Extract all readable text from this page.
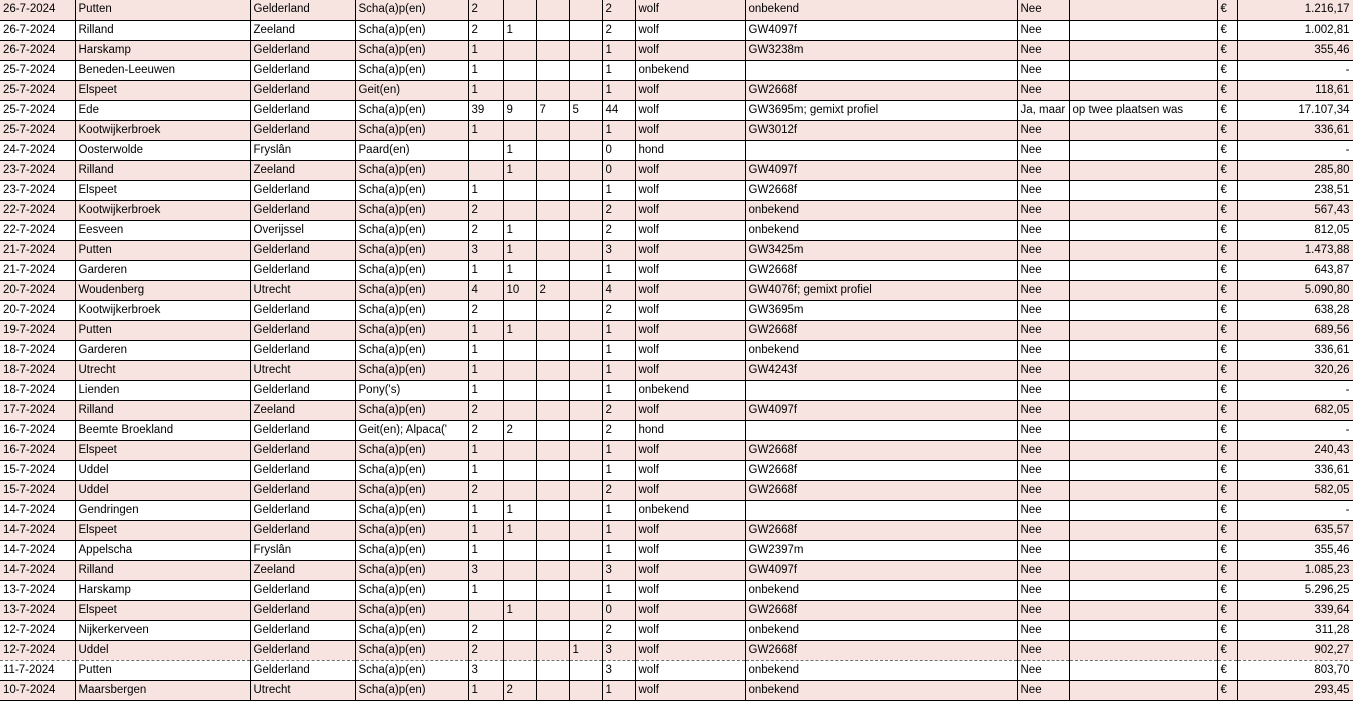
26-7-2024	Putten	Gelderland	Scha(a)p(en)	2				2	wolf	onbekend	Nee		€	1.216,17
26-7-2024	Rilland	Zeeland	Scha(a)p(en)	2	1			2	wolf	GW4097f	Nee		€	1.002,81
26-7-2024	Harskamp	Gelderland	Scha(a)p(en)	1				1	wolf	GW3238m	Nee		€	355,46
25-7-2024	Beneden-Leeuwen	Gelderland	Scha(a)p(en)	1				1	onbekend		Nee		€	-
25-7-2024	Elspeet	Gelderland	Geit(en)	1				1	wolf	GW2668f	Nee		€	118,61
25-7-2024	Ede	Gelderland	Scha(a)p(en)	39	9	7	5	44	wolf	GW3695m; gemixt profiel	Ja, maar	op twee plaatsen was	€	17.107,34
25-7-2024	Kootwijkerbroek	Gelderland	Scha(a)p(en)	1				1	wolf	GW3012f	Nee		€	336,61
24-7-2024	Oosterwolde	Fryslân	Paard(en)		1			0	hond		Nee		€	-
23-7-2024	Rilland	Zeeland	Scha(a)p(en)		1			0	wolf	GW4097f	Nee		€	285,80
23-7-2024	Elspeet	Gelderland	Scha(a)p(en)	1				1	wolf	GW2668f	Nee		€	238,51
22-7-2024	Kootwijkerbroek	Gelderland	Scha(a)p(en)	2				2	wolf	onbekend	Nee		€	567,43
22-7-2024	Eesveen	Overijssel	Scha(a)p(en)	2	1			2	wolf	onbekend	Nee		€	812,05
21-7-2024	Putten	Gelderland	Scha(a)p(en)	3	1			3	wolf	GW3425m	Nee		€	1.473,88
21-7-2024	Garderen	Gelderland	Scha(a)p(en)	1	1			1	wolf	GW2668f	Nee		€	643,87
20-7-2024	Woudenberg	Utrecht	Scha(a)p(en)	4	10	2		4	wolf	GW4076f; gemixt profiel	Nee		€	5.090,80
20-7-2024	Kootwijkerbroek	Gelderland	Scha(a)p(en)	2				2	wolf	GW3695m	Nee		€	638,28
19-7-2024	Putten	Gelderland	Scha(a)p(en)	1	1			1	wolf	GW2668f	Nee		€	689,56
18-7-2024	Garderen	Gelderland	Scha(a)p(en)	1				1	wolf	onbekend	Nee		€	336,61
18-7-2024	Utrecht	Utrecht	Scha(a)p(en)	1				1	wolf	GW4243f	Nee		€	320,26
18-7-2024	Lienden	Gelderland	Pony('s)	1				1	onbekend		Nee		€	-
17-7-2024	Rilland	Zeeland	Scha(a)p(en)	2				2	wolf	GW4097f	Nee		€	682,05
16-7-2024	Beemte Broekland	Gelderland	Geit(en); Alpaca('	2	2			2	hond		Nee		€	-
16-7-2024	Elspeet	Gelderland	Scha(a)p(en)	1				1	wolf	GW2668f	Nee		€	240,43
15-7-2024	Uddel	Gelderland	Scha(a)p(en)	1				1	wolf	GW2668f	Nee		€	336,61
15-7-2024	Uddel	Gelderland	Scha(a)p(en)	2				2	wolf	GW2668f	Nee		€	582,05
14-7-2024	Gendringen	Gelderland	Scha(a)p(en)	1	1			1	onbekend		Nee		€	-
14-7-2024	Elspeet	Gelderland	Scha(a)p(en)	1	1			1	wolf	GW2668f	Nee		€	635,57
14-7-2024	Appelscha	Fryslân	Scha(a)p(en)	1				1	wolf	GW2397m	Nee		€	355,46
14-7-2024	Rilland	Zeeland	Scha(a)p(en)	3				3	wolf	GW4097f	Nee		€	1.085,23
13-7-2024	Harskamp	Gelderland	Scha(a)p(en)	1				1	wolf	onbekend	Nee		€	5.296,25
13-7-2024	Elspeet	Gelderland	Scha(a)p(en)		1			0	wolf	GW2668f	Nee		€	339,64
12-7-2024	Nijkerkerveen	Gelderland	Scha(a)p(en)	2				2	wolf	onbekend	Nee		€	311,28
12-7-2024	Uddel	Gelderland	Scha(a)p(en)	2			1	3	wolf	GW2668f	Nee		€	902,27
11-7-2024	Putten	Gelderland	Scha(a)p(en)	3				3	wolf	onbekend	Nee		€	803,70
10-7-2024	Maarsbergen	Utrecht	Scha(a)p(en)	1	2			1	wolf	onbekend	Nee		€	293,45
